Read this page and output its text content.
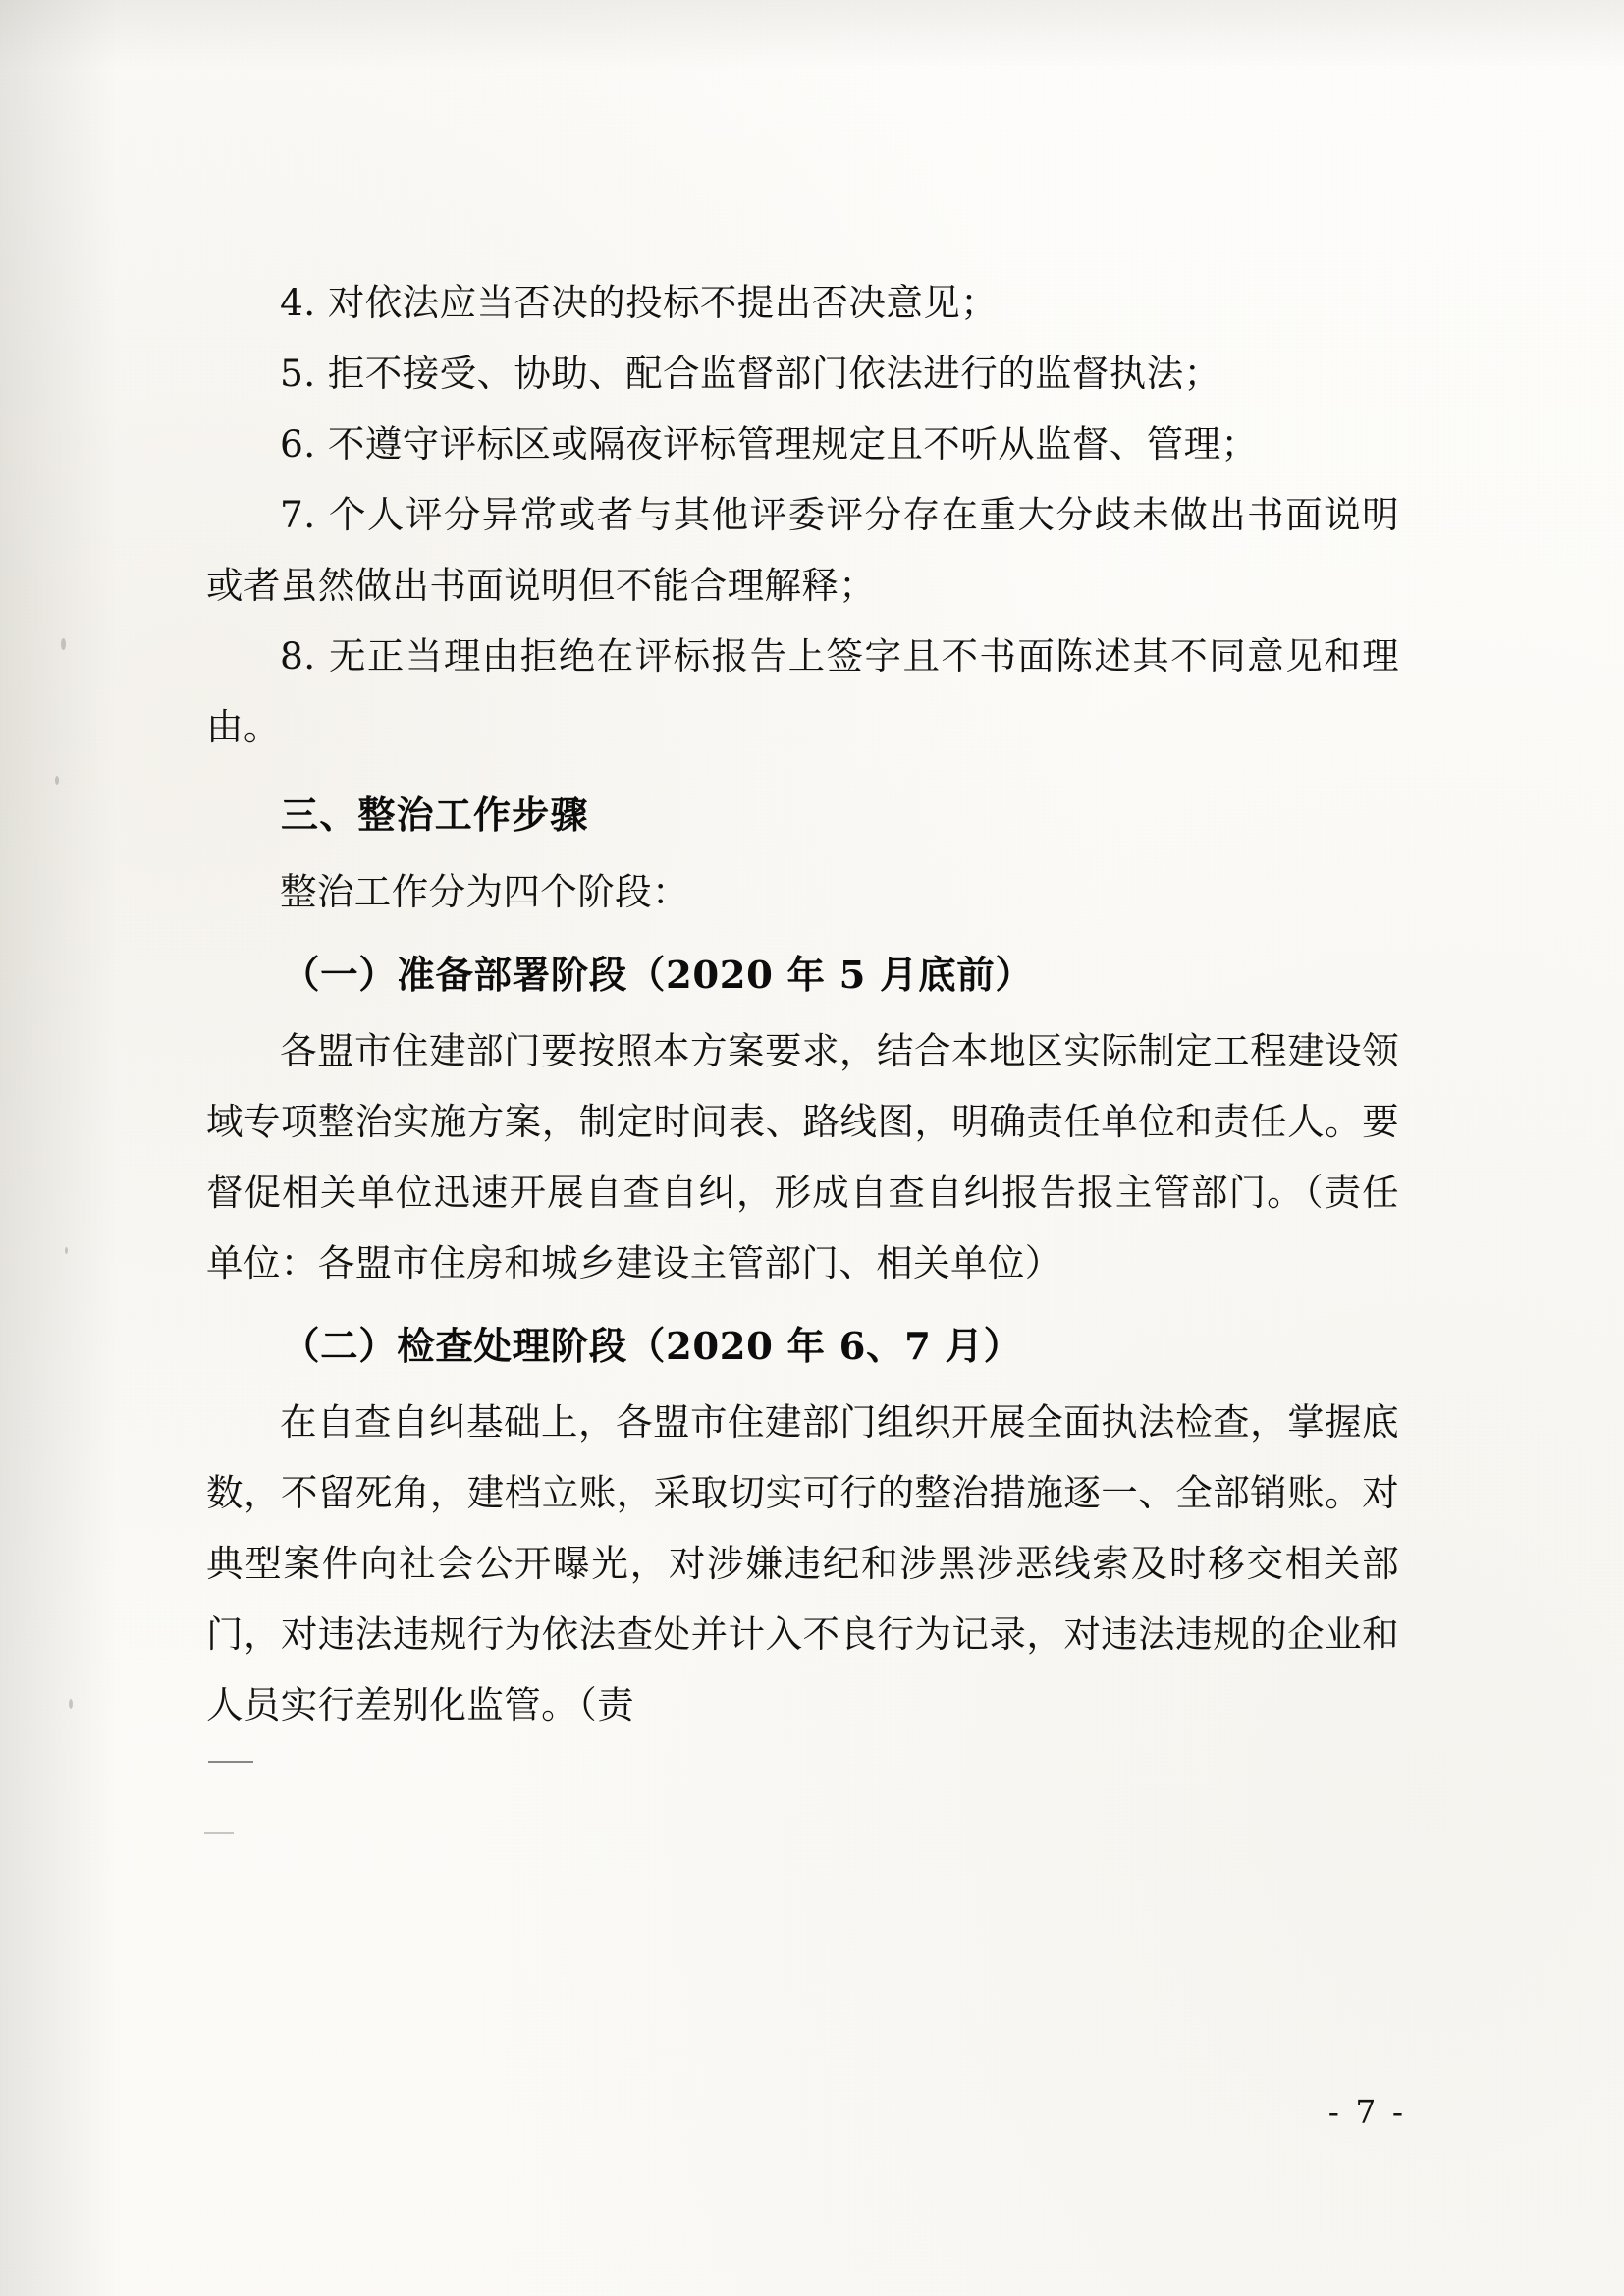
4. 对依法应当否决的投标不提出否决意见；

5. 拒不接受、协助、配合监督部门依法进行的监督执法；

6. 不遵守评标区或隔夜评标管理规定且不听从监督、管理；

7. 个人评分异常或者与其他评委评分存在重大分歧未做出书面说明或者虽然做出书面说明但不能合理解释；

8. 无正当理由拒绝在评标报告上签字且不书面陈述其不同意见和理由。

三、整治工作步骤

整治工作分为四个阶段：

（一）准备部署阶段（2020 年 5 月底前）

各盟市住建部门要按照本方案要求，结合本地区实际制定工程建设领域专项整治实施方案，制定时间表、路线图，明确责任单位和责任人。要督促相关单位迅速开展自查自纠，形成自查自纠报告报主管部门。（责任单位：各盟市住房和城乡建设主管部门、相关单位）

（二）检查处理阶段（2020 年 6、7 月）

在自查自纠基础上，各盟市住建部门组织开展全面执法检查，掌握底数，不留死角，建档立账，采取切实可行的整治措施逐一、全部销账。对典型案件向社会公开曝光，对涉嫌违纪和涉黑涉恶线索及时移交相关部门，对违法违规行为依法查处并计入不良行为记录，对违法违规的企业和人员实行差别化监管。（责

- 7 -
